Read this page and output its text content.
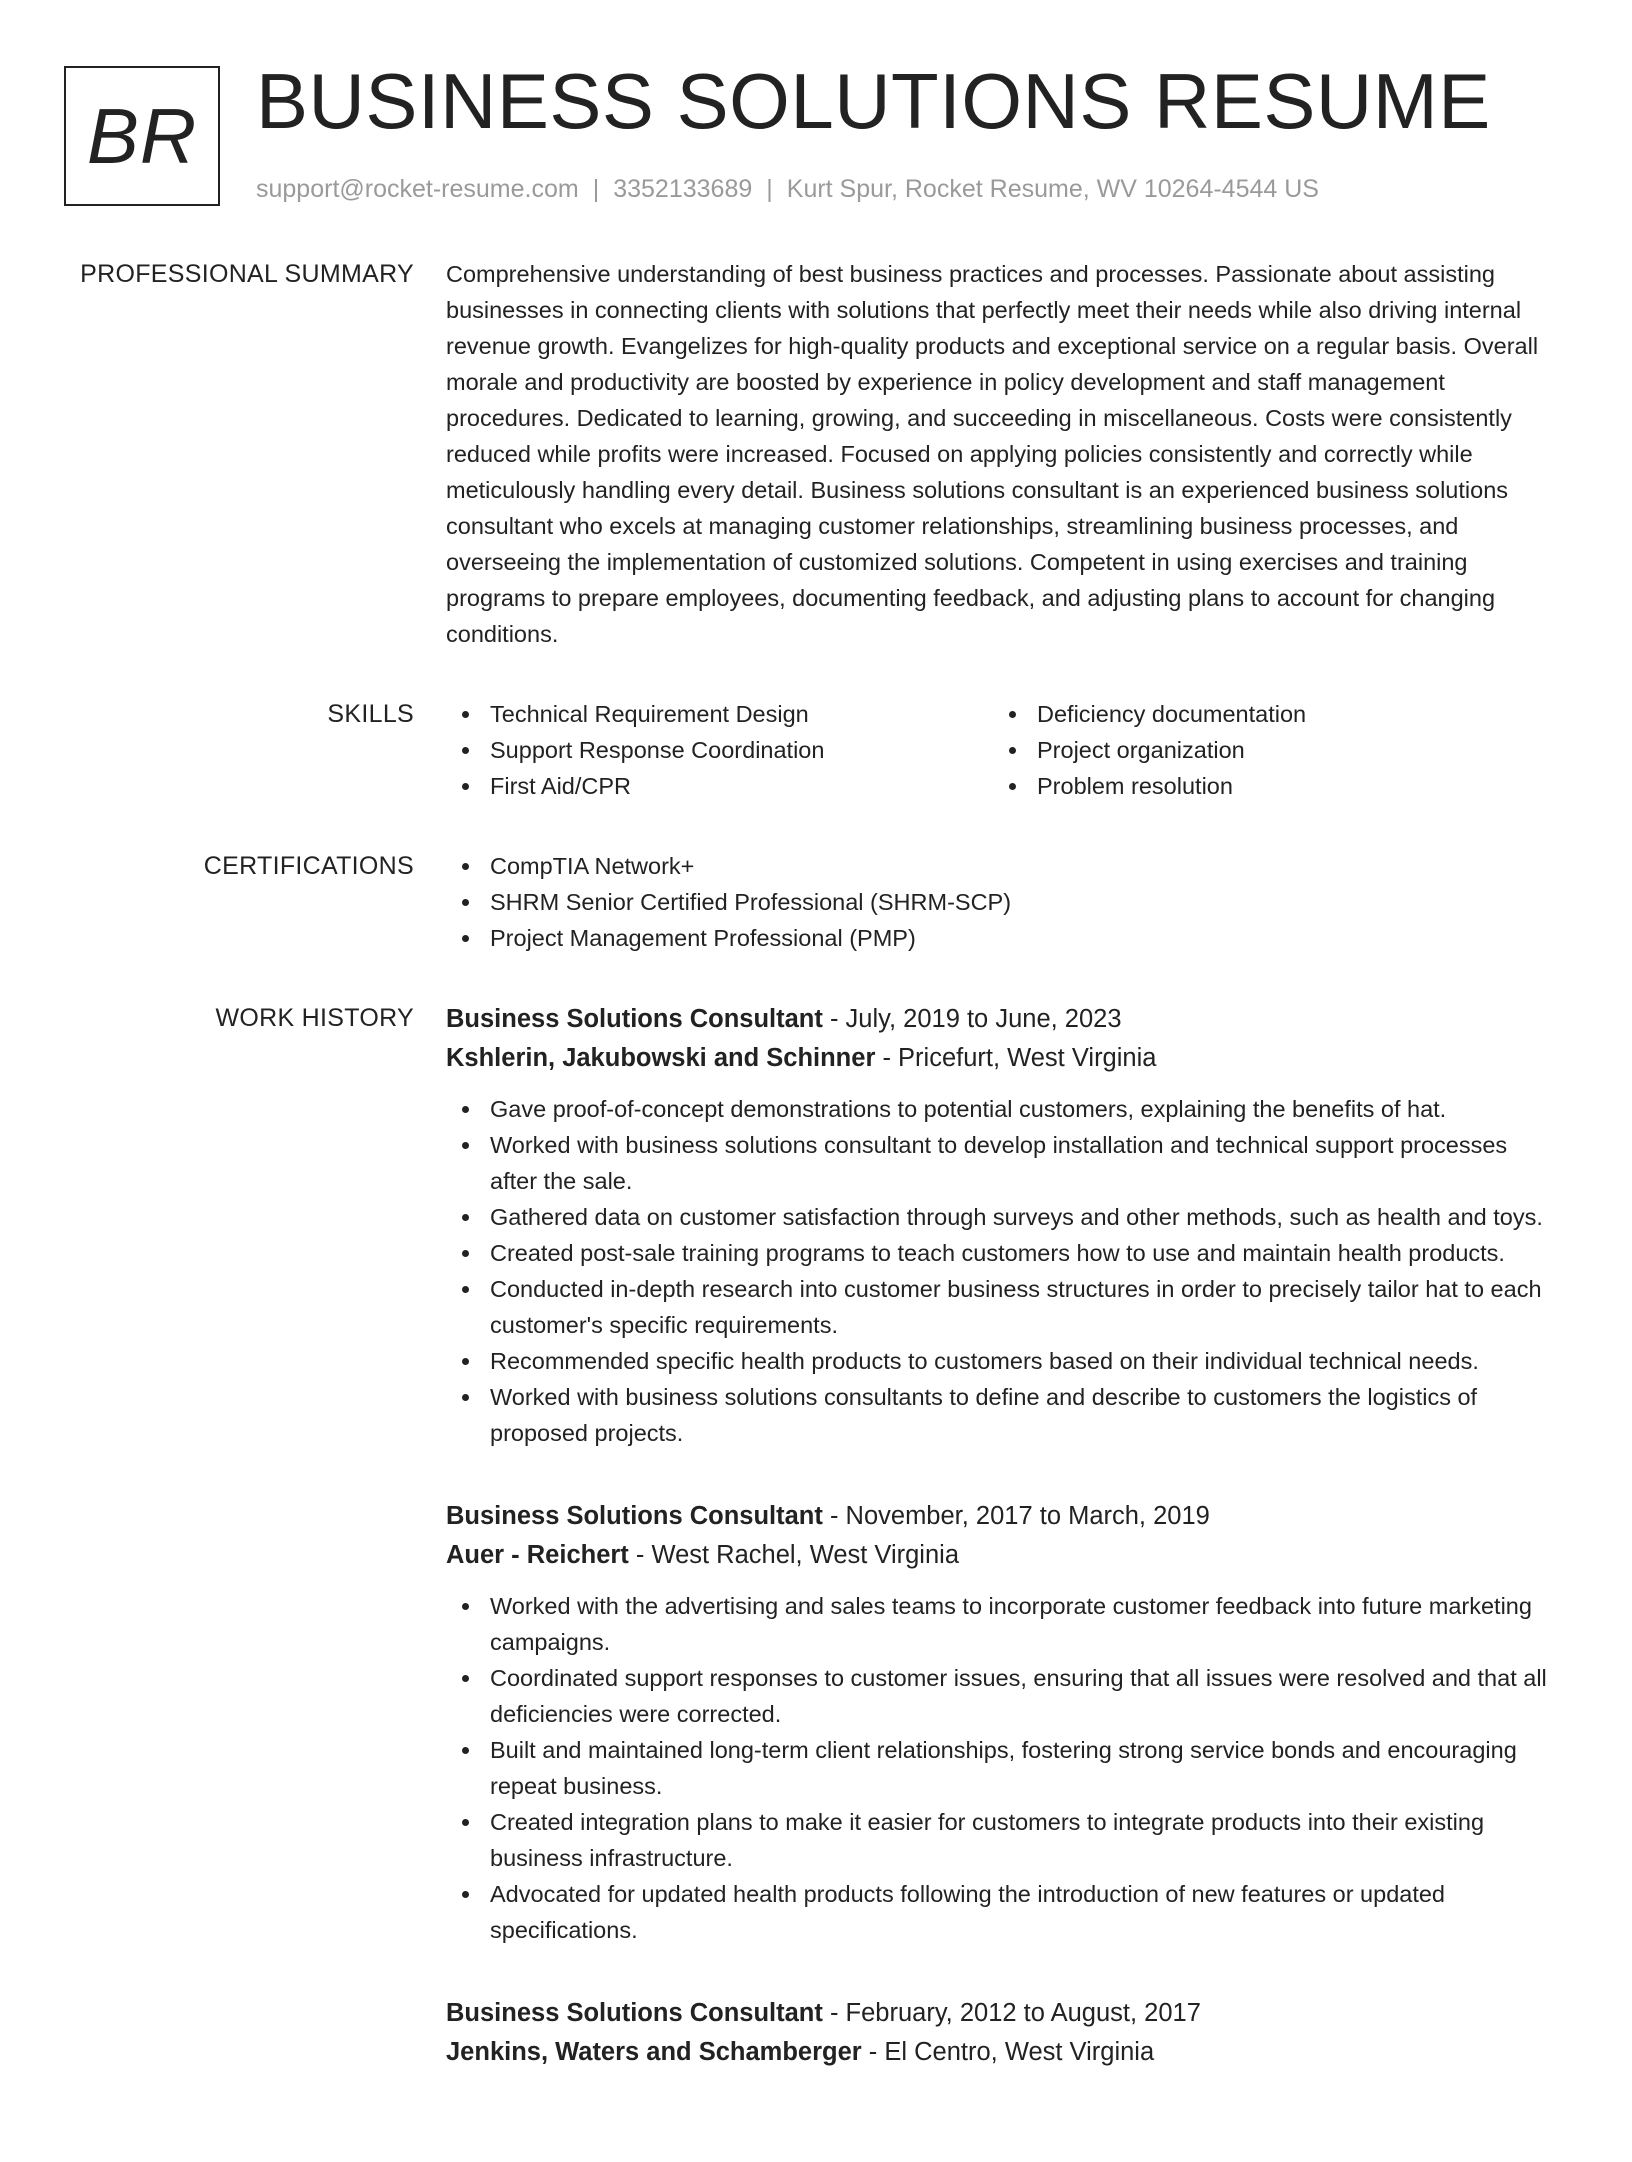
BR BUSINESS SOLUTIONS RESUME
support@rocket-resume.com | 3352133689 | Kurt Spur, Rocket Resume, WV 10264-4544 US
PROFESSIONAL SUMMARY Comprehensive understanding of best business practices and processes. Passionate about assisting businesses in connecting clients with solutions that perfectly meet their needs while also driving internal revenue growth. Evangelizes for high-quality products and exceptional service on a regular basis. Overall morale and productivity are boosted by experience in policy development and staff management procedures. Dedicated to learning, growing, and succeeding in miscellaneous. Costs were consistently reduced while profits were increased. Focused on applying policies consistently and correctly while meticulously handling every detail. Business solutions consultant is an experienced business solutions consultant who excels at managing customer relationships, streamlining business processes, and overseeing the implementation of customized solutions. Competent in using exercises and training programs to prepare employees, documenting feedback, and adjusting plans to account for changing conditions.

SKILLS	Technical Requirement Design
Support Response Coordination
First Aid/CPR
Deficiency documentation
Project organization
Problem resolution
CERTIFICATIONS	CompTIA Network+
SHRM Senior Certified Professional (SHRM-SCP)
Project Management Professional (PMP)
WORK HISTORY Business Solutions Consultant - July, 2019 to June, 2023
Kshlerin, Jakubowski and Schinner - Pricefurt, West Virginia
Gave proof-of-concept demonstrations to potential customers, explaining the benefits of hat.
Worked with business solutions consultant to develop installation and technical support processes after the sale.
Gathered data on customer satisfaction through surveys and other methods, such as health and toys.
Created post-sale training programs to teach customers how to use and maintain health products.
Conducted in-depth research into customer business structures in order to precisely tailor hat to each customer's specific requirements.
Recommended specific health products to customers based on their individual technical needs.
Worked with business solutions consultants to define and describe to customers the logistics of proposed projects.
Business Solutions Consultant - November, 2017 to March, 2019
Auer - Reichert - West Rachel, West Virginia
Worked with the advertising and sales teams to incorporate customer feedback into future marketing campaigns.
Coordinated support responses to customer issues, ensuring that all issues were resolved and that all deficiencies were corrected.
Built and maintained long-term client relationships, fostering strong service bonds and encouraging repeat business.
Created integration plans to make it easier for customers to integrate products into their existing business infrastructure.
Advocated for updated health products following the introduction of new features or updated specifications.
Business Solutions Consultant - February, 2012 to August, 2017
Jenkins, Waters and Schamberger - El Centro, West Virginia
